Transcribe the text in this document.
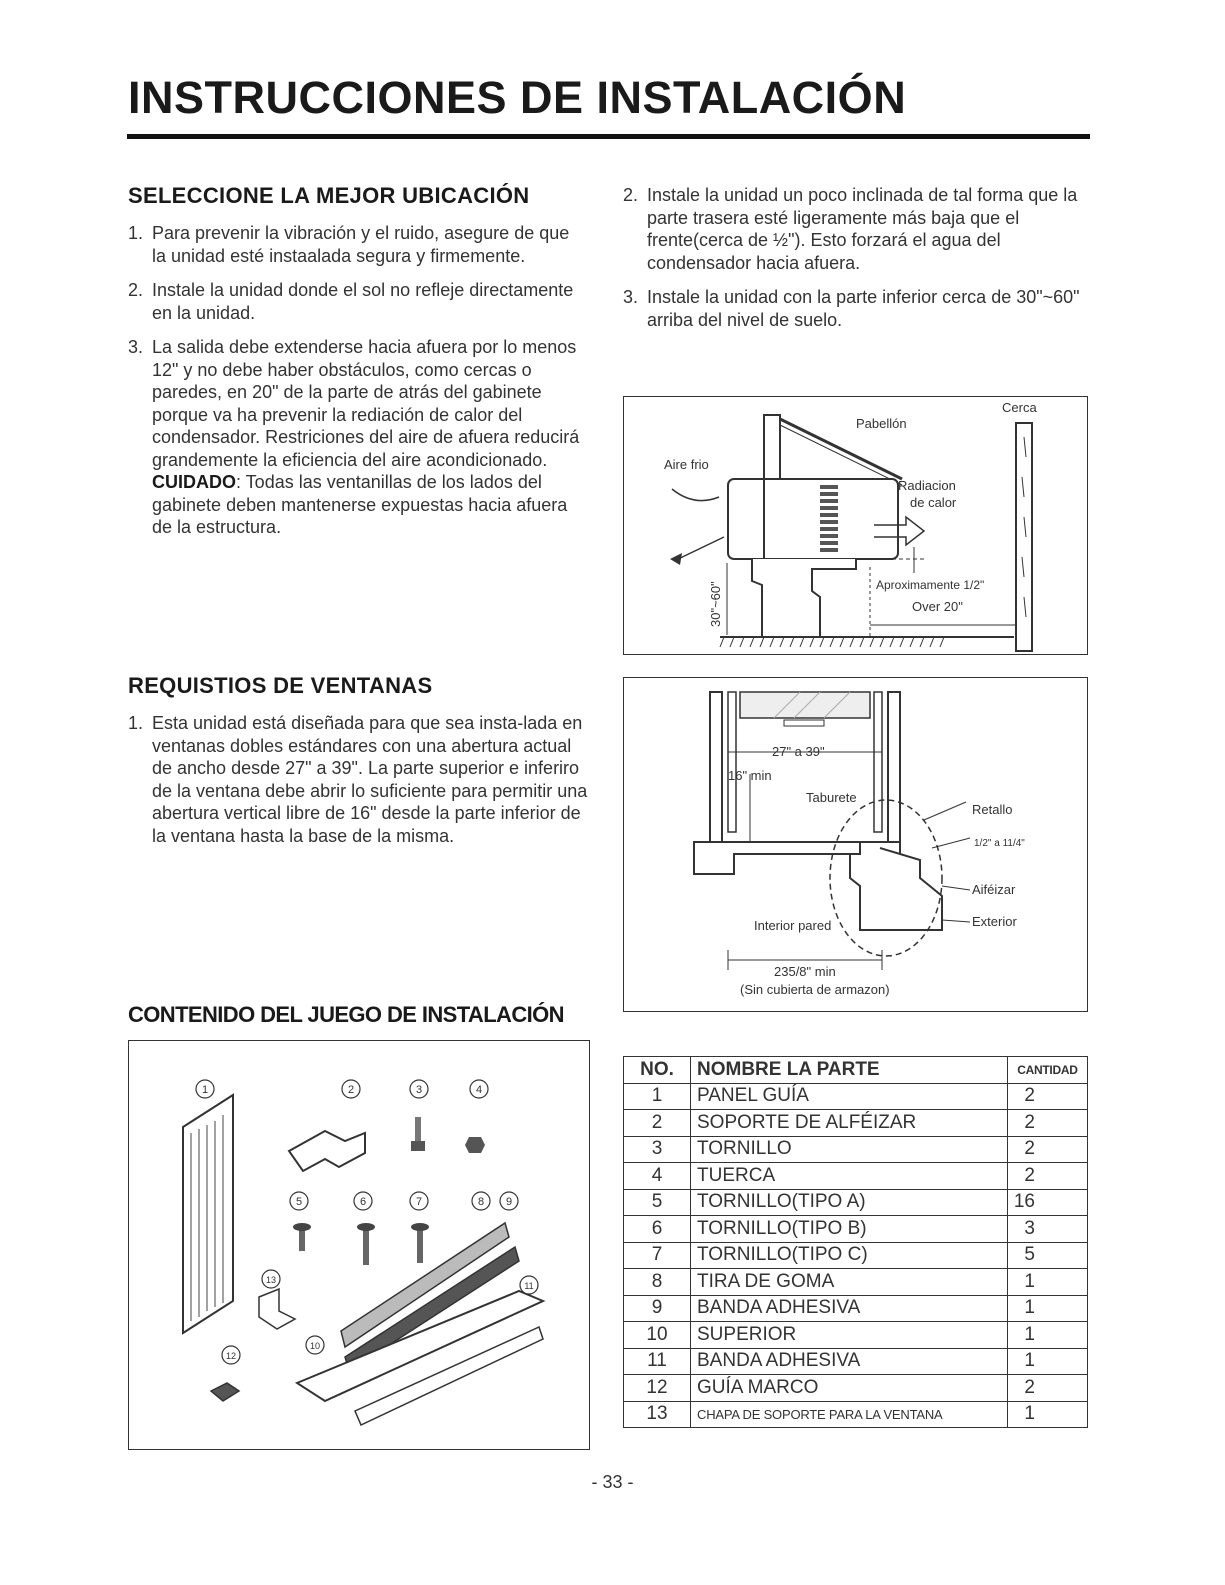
INSTRUCCIONES DE INSTALACIÓN
SELECCIONE LA MEJOR UBICACIÓN
1. Para prevenir la vibración y el ruido, asegure de que la unidad esté instaalada segura y firmemente.
2. Instale la unidad donde el sol no refleje directamente en la unidad.
3. La salida debe extenderse hacia afuera por lo menos 12" y no debe haber obstáculos, como cercas o paredes, en 20" de la parte de atrás del gabinete porque va ha prevenir la rediación de calor del condensador. Restriciones del aire de afuera reducirá grandemente la eficiencia del aire acondicionado.
CUIDADO: Todas las ventanillas de los lados del gabinete deben mantenerse expuestas hacia afuera de la estructura.
2. Instale la unidad un poco inclinada de tal forma que la parte trasera esté ligeramente más baja que el frente(cerca de ½"). Esto forzará el agua del condensador hacia afuera.
3. Instale la unidad con la parte inferior cerca de 30"~60" arriba del nivel de suelo.
Cerca
Pabellón
Aire frio
Radiacion
de calor
Aproximamente 1/2"
Over 20"
30"~60"
REQUISTIOS DE VENTANAS
1. Esta unidad está diseñada para que sea insta-lada en ventanas dobles estándares con una abertura actual de ancho desde 27" a 39". La parte superior e inferiro de la ventana debe abrir lo suficiente para permitir una abertura vertical libre de 16" desde la parte inferior de la ventana hasta la base de la misma.
27" a 39"
16" min
Taburete
Retallo
1/2" a 11/4"
Aiféizar
Exterior
Interior pared
235/8" min
(Sin cubierta de armazon)
CONTENIDO DEL JUEGO DE INSTALACIÓN
1	2	3	4
5	6	7	8 9
10
11
12
13
NO.	NOMBRE LA PARTE	CANTIDAD
1	PANEL GUÍA	2
2	SOPORTE DE ALFÉIZAR	2
3	TORNILLO	2
4	TUERCA	2
5	TORNILLO(TIPO A)	16
6	TORNILLO(TIPO B)	3
7	TORNILLO(TIPO C)	5
8	TIRA DE GOMA	1
9	BANDA ADHESIVA	1
10	SUPERIOR	1
11	BANDA ADHESIVA	1
12	GUÍA MARCO	2
13	CHAPA DE SOPORTE PARA LA VENTANA	1
- 33 -
